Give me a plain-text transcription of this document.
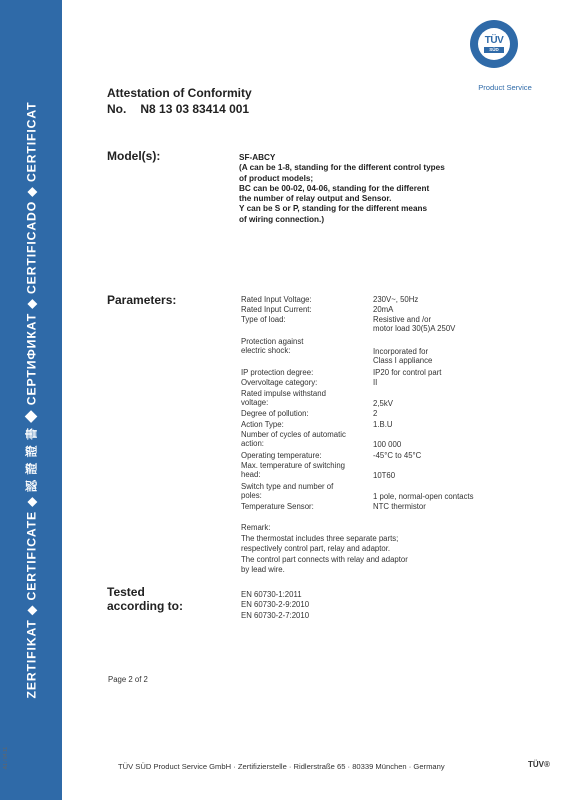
ZERTIFIKAT ◆ CERTIFICATE ◆ 認 證 證 書 ◆ СЕРТИФИКАТ ◆ CERTIFICADO ◆ CERTIFICAT
A1 / 04.11
TÜV
SÜD
Product Service
Attestation of Conformity
No. N8 13 03 83414 001
Model(s):	SF-ABCY
(A can be 1-8, standing for the different control types
of product models;
BC can be 00-02, 04-06, standing for the different
the number of relay output and Sensor.
Y can be S or P, standing for the different means
of wiring connection.)
Parameters:	Rated Input Voltage:	230V~, 50Hz
Rated Input Current:	20mA
Type of load:	Resistive and /or
motor load 30(5)A 250V
Protection against
electric shock:	Incorporated for
Class I appliance
IP protection degree:	IP20 for control part
Overvoltage category:	II
Rated impulse withstand
voltage:	2,5kV
Degree of pollution:	2
Action Type:	1.B.U
Number of cycles of automatic
action:	100 000
Operating temperature:	-45°C to 45°C
Max. temperature of switching
head:	10T60
Switch type and number of
poles:	1 pole, normal-open contacts
Temperature Sensor:	NTC thermistor
Remark:
The thermostat includes three separate parts;
respectively control part, relay and adaptor.
The control part connects with relay and adaptor
by lead wire.
Tested
according to:
EN 60730-1:2011
EN 60730-2-9:2010
EN 60730-2-7:2010
Page 2 of 2
TÜV SÜD Product Service GmbH · Zertifizierstelle · Ridlerstraße 65 · 80339 München · Germany	TÜV®
